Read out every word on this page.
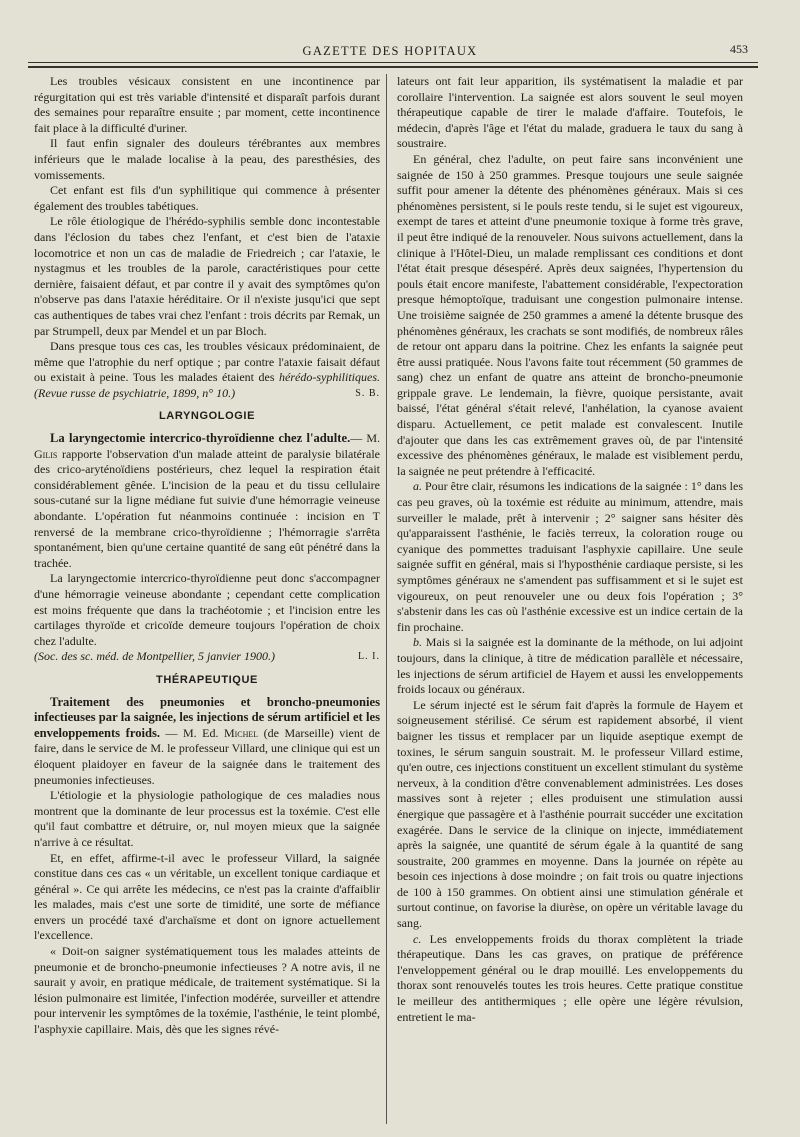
GAZETTE DES HOPITAUX	453

Les troubles vésicaux consistent en une incontinence par régurgitation qui est très variable d'intensité et disparaît parfois durant des semaines pour reparaître ensuite ; par moment, cette incontinence fait place à la difficulté d'uriner.

Il faut enfin signaler des douleurs térébrantes aux membres inférieurs que le malade localise à la peau, des paresthésies, des vomissements.

Cet enfant est fils d'un syphilitique qui commence à présenter également des troubles tabétiques.

Le rôle étiologique de l'hérédo-syphilis semble donc incontestable dans l'éclosion du tabes chez l'enfant, et c'est bien de l'ataxie locomotrice et non un cas de maladie de Friedreich ; car l'ataxie, le nystagmus et les troubles de la parole, caractéristiques pour cette dernière, faisaient défaut, et par contre il y avait des symptômes qu'on n'observe pas dans l'ataxie héréditaire. Or il n'existe jusqu'ici que sept cas authentiques de tabes vrai chez l'enfant : trois décrits par Remak, un par Strumpell, deux par Mendel et un par Bloch.

Dans presque tous ces cas, les troubles vésicaux prédominaient, de même que l'atrophie du nerf optique ; par contre l'ataxie faisait défaut ou existait à peine. Tous les malades étaient des hérédo-syphilitiques. (Revue russe de psychiatrie, 1899, n° 10.)	S. B.

LARYNGOLOGIE

La laryngectomie intercrico-thyroïdienne chez l'adulte.— M. Gilis rapporte l'observation d'un malade atteint de paralysie bilatérale des crico-aryténoïdiens postérieurs, chez lequel la respiration était considérablement gênée. L'incision de la peau et du tissu cellulaire sous-cutané sur la ligne médiane fut suivie d'une hémorragie veineuse abondante. L'opération fut néanmoins continuée : incision en T renversé de la membrane crico-thyroïdienne ; l'hémorragie s'arrêta spontanément, bien qu'une certaine quantité de sang eût pénétré dans la trachée.

La laryngectomie intercrico-thyroïdienne peut donc s'accompagner d'une hémorragie veineuse abondante ; cependant cette complication est moins fréquente que dans la trachéotomie ; et l'incision entre les cartilages thyroïde et cricoïde demeure toujours l'opération de choix chez l'adulte.

(Soc. des sc. méd. de Montpellier, 5 janvier 1900.)	L. I.

THÉRAPEUTIQUE

Traitement des pneumonies et broncho-pneumonies infectieuses par la saignée, les injections de sérum artificiel et les enveloppements froids. — M. Ed. Michel (de Marseille) vient de faire, dans le service de M. le professeur Villard, une clinique qui est un éloquent plaidoyer en faveur de la saignée dans le traitement des pneumonies infectieuses.

L'étiologie et la physiologie pathologique de ces maladies nous montrent que la dominante de leur processus est la toxémie. C'est elle qu'il faut combattre et détruire, or, nul moyen mieux que la saignée n'arrive à ce résultat.

Et, en effet, affirme-t-il avec le professeur Villard, la saignée constitue dans ces cas « un véritable, un excellent tonique cardiaque et général ». Ce qui arrête les médecins, ce n'est pas la crainte d'affaiblir les malades, mais c'est une sorte de timidité, une sorte de méfiance envers un procédé taxé d'archaïsme et dont on ignore actuellement l'excellence.

« Doit-on saigner systématiquement tous les malades atteints de pneumonie et de broncho-pneumonie infectieuses ? A notre avis, il ne saurait y avoir, en pratique médicale, de traitement systématique. Si la lésion pulmonaire est limitée, l'infection modérée, surveiller et attendre pour intervenir les symptômes de la toxémie, l'asthénie, le teint plombé, l'asphyxie capillaire. Mais, dès que les signes révé-

lateurs ont fait leur apparition, ils systématisent la maladie et par corollaire l'intervention. La saignée est alors souvent le seul moyen thérapeutique capable de tirer le malade d'affaire. Toutefois, le médecin, d'après l'âge et l'état du malade, graduera le taux du sang à soustraire.

En général, chez l'adulte, on peut faire sans inconvénient une saignée de 150 à 250 grammes. Presque toujours une seule saignée suffit pour amener la détente des phénomènes généraux. Mais si ces phénomènes persistent, si le pouls reste tendu, si le sujet est vigoureux, exempt de tares et atteint d'une pneumonie toxique à forme très grave, il peut être indiqué de la renouveler. Nous suivons actuellement, dans la clinique à l'Hôtel-Dieu, un malade remplissant ces conditions et dont l'état était presque désespéré. Après deux saignées, l'hypertension du pouls était encore manifeste, l'abattement considérable, l'expectoration presque hémoptoïque, traduisant une congestion pulmonaire intense. Une troisième saignée de 250 grammes a amené la détente brusque des phénomènes généraux, les crachats se sont modifiés, de nombreux râles de retour ont apparu dans la poitrine. Chez les enfants la saignée peut être aussi pratiquée. Nous l'avons faite tout récemment (50 grammes de sang) chez un enfant de quatre ans atteint de broncho-pneumonie grippale grave. Le lendemain, la fièvre, quoique persistante, avait baissé, l'état général s'était relevé, l'anhélation, la cyanose avaient disparu. Actuellement, ce petit malade est convalescent. Inutile d'ajouter que dans les cas extrêmement graves où, de par l'intensité excessive des phénomènes généraux, le malade est visiblement perdu, la saignée ne peut prétendre à l'efficacité.

a. Pour être clair, résumons les indications de la saignée : 1° dans les cas peu graves, où la toxémie est réduite au minimum, attendre, mais surveiller le malade, prêt à intervenir ; 2° saigner sans hésiter dès qu'apparaissent l'asthénie, le faciès terreux, la coloration rouge ou cyanique des pommettes traduisant l'asphyxie capillaire. Une seule saignée suffit en général, mais si l'hyposthénie cardiaque persiste, si les symptômes généraux ne s'amendent pas suffisamment et si le sujet est vigoureux, on peut renouveler une ou deux fois l'opération ; 3° s'abstenir dans les cas où l'asthénie excessive est un indice certain de la fin prochaine.

b. Mais si la saignée est la dominante de la méthode, on lui adjoint toujours, dans la clinique, à titre de médication parallèle et nécessaire, les injections de sérum artificiel de Hayem et aussi les enveloppements froids locaux ou généraux.

Le sérum injecté est le sérum fait d'après la formule de Hayem et soigneusement stérilisé. Ce sérum est rapidement absorbé, il vient baigner les tissus et remplacer par un liquide aseptique exempt de toxines, le sérum sanguin soustrait. M. le professeur Villard estime, qu'en outre, ces injections constituent un excellent stimulant du système nerveux, à la condition d'être convenablement administrées. Les doses massives sont à rejeter ; elles produisent une stimulation aussi énergique que passagère et à l'asthénie pourrait succéder une excitation exagérée. Dans le service de la clinique on injecte, immédiatement après la saignée, une quantité de sérum égale à la quantité de sang soustraite, 200 grammes en moyenne. Dans la journée on répète au besoin ces injections à dose moindre ; on fait trois ou quatre injections de 100 à 150 grammes. On obtient ainsi une stimulation générale et surtout continue, on favorise la diurèse, on opère un véritable lavage du sang.

c. Les enveloppements froids du thorax complètent la triade thérapeutique. Dans les cas graves, on pratique de préférence l'enveloppement général ou le drap mouillé. Les enveloppements du thorax sont renouvelés toutes les trois heures. Cette pratique constitue le meilleur des antithermiques ; elle opère une légère révulsion, entretient le ma-
